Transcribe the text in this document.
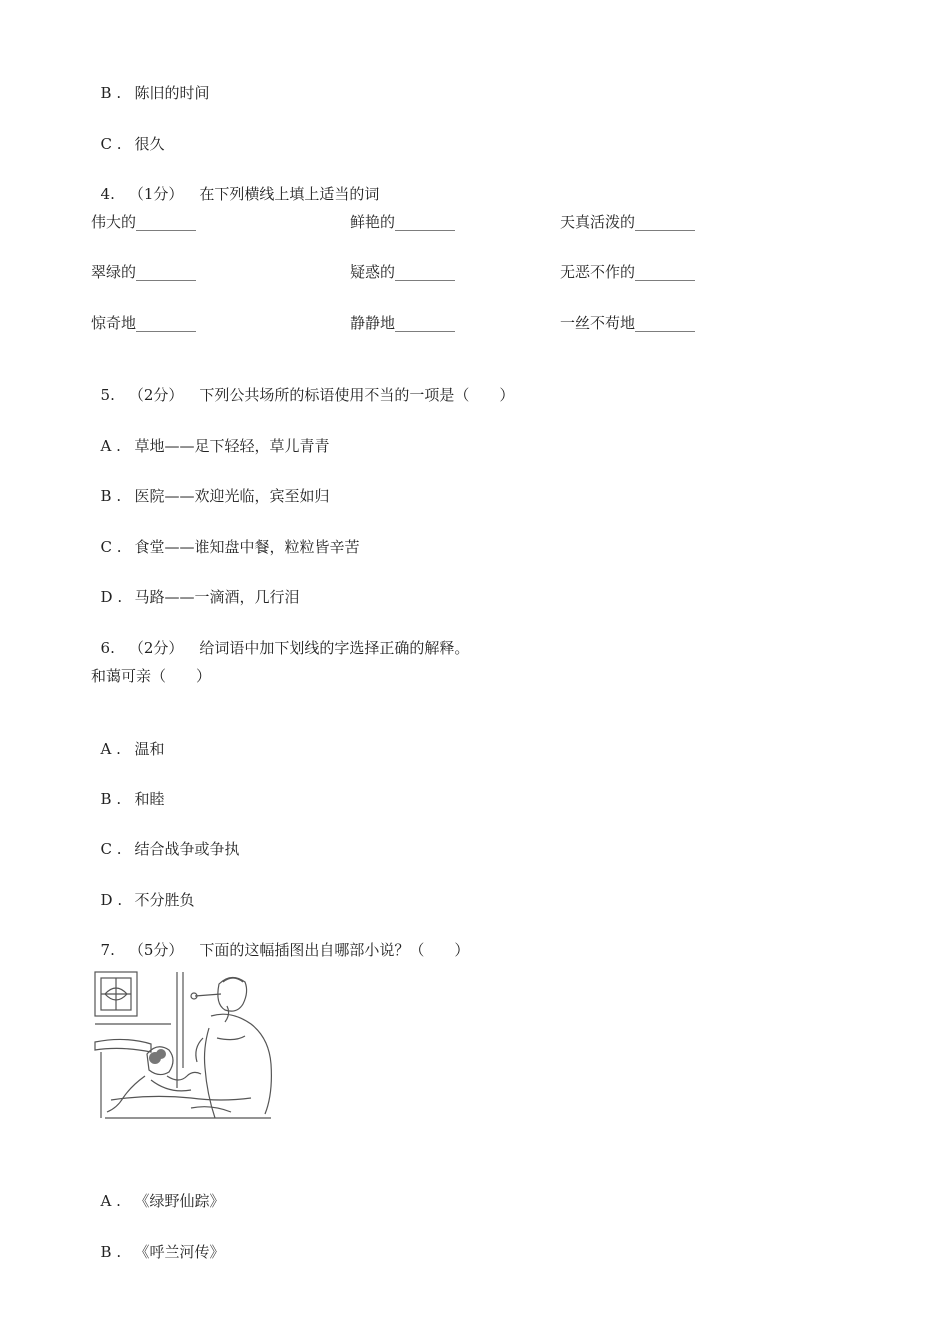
B . 陈旧的时间

C . 很久

4. （1分） 在下列横线上填上适当的词

伟大的________	鲜艳的________	天真活泼的________
翠绿的________	疑惑的________	无恶不作的________
惊奇地________	静静地________	一丝不苟地________

5. （2分） 下列公共场所的标语使用不当的一项是（　　）

A . 草地——足下轻轻，草儿青青

B . 医院——欢迎光临，宾至如归

C . 食堂——谁知盘中餐，粒粒皆辛苦

D . 马路——一滴酒，几行泪

6. （2分） 给词语中加下划线的字选择正确的解释。

和蔼可亲（　　）

A . 温和

B . 和睦

C . 结合战争或争执

D . 不分胜负

7. （5分） 下面的这幅插图出自哪部小说？（　　）

A . 《绿野仙踪》

B . 《呼兰河传》
